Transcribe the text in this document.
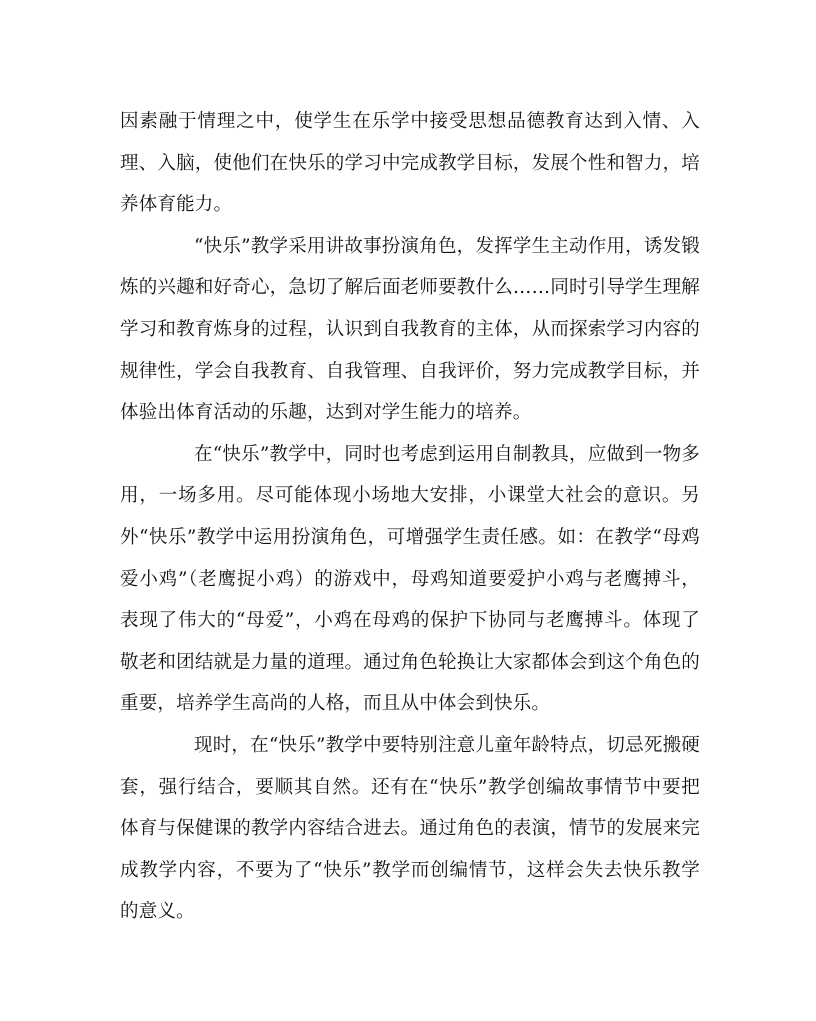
因素融于情理之中，使学生在乐学中接受思想品德教育达到入情、入理、入脑，使他们在快乐的学习中完成教学目标，发展个性和智力，培养体育能力。

“快乐”教学采用讲故事扮演角色，发挥学生主动作用，诱发锻炼的兴趣和好奇心，急切了解后面老师要教什么……同时引导学生理解学习和教育炼身的过程，认识到自我教育的主体，从而探索学习内容的规律性，学会自我教育、自我管理、自我评价，努力完成教学目标，并体验出体育活动的乐趣，达到对学生能力的培养。

在“快乐”教学中，同时也考虑到运用自制教具，应做到一物多用，一场多用。尽可能体现小场地大安排，小课堂大社会的意识。另外“快乐”教学中运用扮演角色，可增强学生责任感。如：在教学“母鸡爱小鸡”（老鹰捉小鸡）的游戏中，母鸡知道要爱护小鸡与老鹰搏斗，表现了伟大的“母爱”，小鸡在母鸡的保护下协同与老鹰搏斗。体现了敬老和团结就是力量的道理。通过角色轮换让大家都体会到这个角色的重要，培养学生高尚的人格，而且从中体会到快乐。

现时，在“快乐”教学中要特别注意儿童年龄特点，切忌死搬硬套，强行结合，要顺其自然。还有在“快乐”教学创编故事情节中要把体育与保健课的教学内容结合进去。通过角色的表演，情节的发展来完成教学内容，不要为了“快乐”教学而创编情节，这样会失去快乐教学的意义。
